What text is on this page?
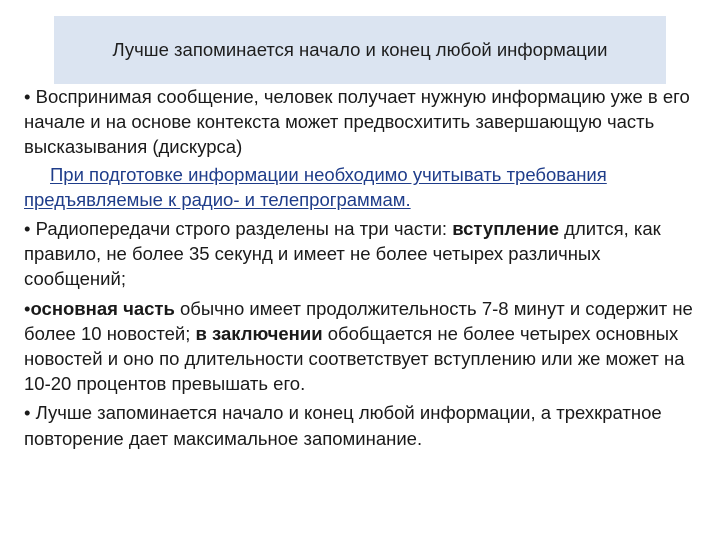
Лучше запоминается начало и конец любой информации

• Воспринимая сообщение, человек получает нужную информацию уже в его начале и на основе контекста может предвосхитить завершающую часть высказывания (дискурса)

При подготовке информации необходимо учитывать требования предъявляемые к радио- и телепрограммам.

• Радиопередачи строго разделены на три части: вступление длится, как правило, не более 35 секунд и имеет не более четырех различных сообщений;

•основная часть обычно имеет продолжительность 7-8 минут и содержит не более 10 новостей; в заключении обобщается не более четырех основных новостей и оно по длительности соответствует вступлению или же может на 10-20 процентов превышать его.

• Лучше запоминается начало и конец любой информации, а трехкратное повторение дает максимальное запоминание.
